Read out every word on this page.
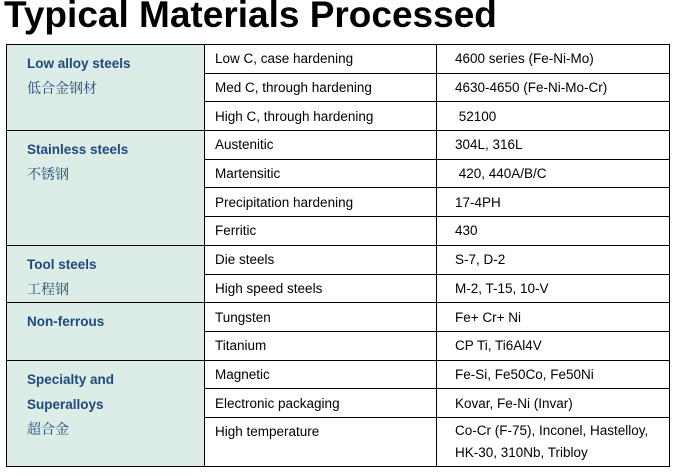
Typical Materials Processed
Low alloy steels
低合金钢材	Low C, case hardening	4600 series (Fe-Ni-Mo)
	Med C, through hardening	4630-4650 (Fe-Ni-Mo-Cr)
	High C, through hardening	52100
Stainless steels
不锈钢	Austenitic	304L, 316L
	Martensitic	420, 440A/B/C
	Precipitation hardening	17-4PH
	Ferritic	430
Tool steels
工程钢	Die steels	S-7, D-2
	High speed steels	M-2, T-15, 10-V
Non-ferrous	Tungsten	Fe+ Cr+ Ni
	Titanium	CP Ti, Ti6Al4V
Specialty and
Superalloys
超合金	Magnetic	Fe-Si, Fe50Co, Fe50Ni
	Electronic packaging	Kovar, Fe-Ni (Invar)
	High temperature	Co-Cr (F-75), Inconel, Hastelloy,
HK-30, 310Nb, Tribloy
